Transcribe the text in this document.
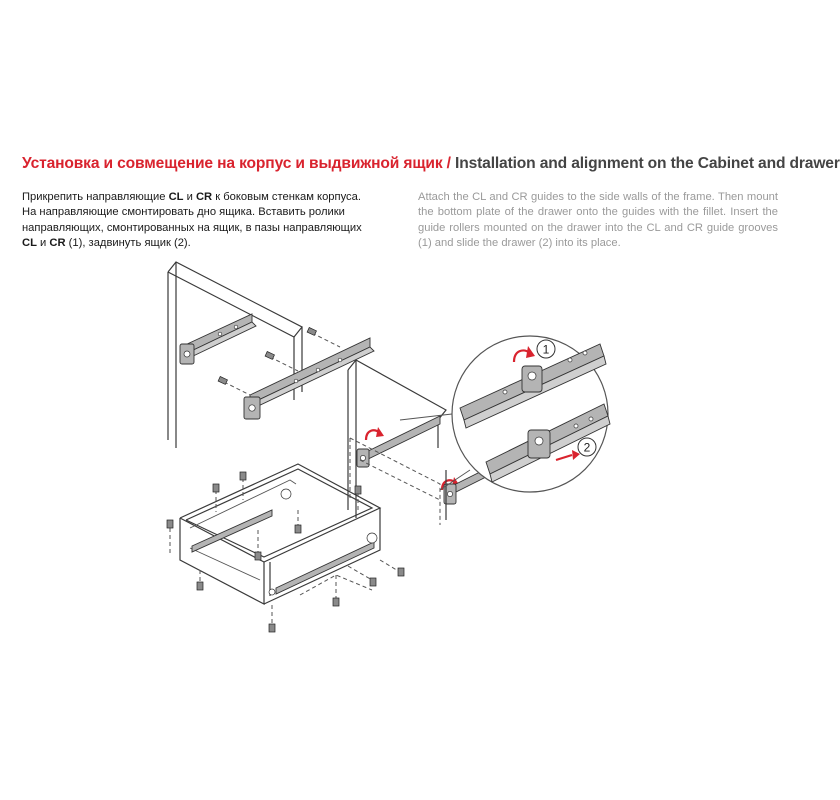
Установка и совмещение на корпус и выдвижной ящик / Installation and alignment on the Cabinet and drawer
Прикрепить направляющие CL и CR к боковым стенкам корпуса. На направляющие смонтировать дно ящика. Вставить ролики направляющих, смонтированных на ящик, в пазы направляющих CL и CR (1), задвинуть ящик (2).
Attach the CL and CR guides to the side walls of the frame. Then mount the bottom plate of the drawer onto the guides with the fillet. Insert the guide rollers mounted on the drawer into the CL and CR guide grooves (1) and slide the drawer (2) into its place.
1
2
